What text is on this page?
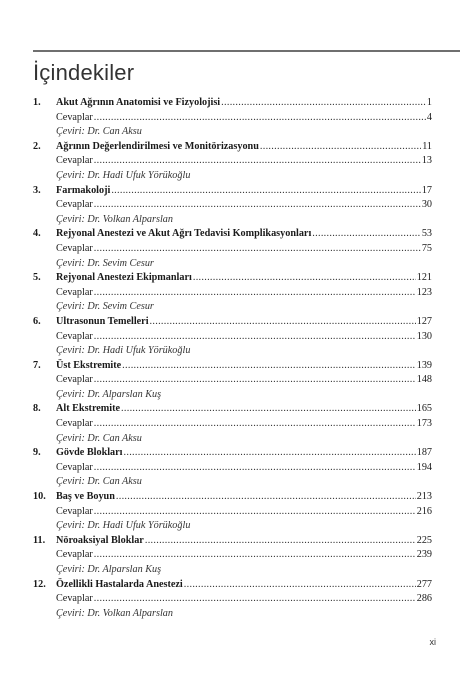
İçindekiler
1.	Akut Ağrının Anatomisi ve Fizyolojisi .....	1
Cevaplar .....	4
Çeviri: Dr. Can Aksu
2.	Ağrının Değerlendirilmesi ve Monitörizasyonu .....	11
Cevaplar .....	13
Çeviri: Dr. Hadi Ufuk Yörükoğlu
3.	Farmakoloji .....	17
Cevaplar .....	30
Çeviri: Dr. Volkan Alparslan
4.	Rejyonal Anestezi ve Akut Ağrı Tedavisi Komplikasyonları .....	53
Cevaplar .....	75
Çeviri: Dr. Sevim Cesur
5.	Rejyonal Anestezi Ekipmanları .....	121
Cevaplar .....	123
Çeviri: Dr. Sevim Cesur
6.	Ultrasonun Temelleri .....	127
Cevaplar .....	130
Çeviri: Dr. Hadi Ufuk Yörükoğlu
7.	Üst Ekstremite .....	139
Cevaplar .....	148
Çeviri: Dr. Alparslan Kuş
8.	Alt Ekstremite .....	165
Cevaplar .....	173
Çeviri: Dr. Can Aksu
9.	Gövde Blokları .....	187
Cevaplar .....	194
Çeviri: Dr. Can Aksu
10.	Baş ve Boyun .....	213
Cevaplar .....	216
Çeviri: Dr. Hadi Ufuk Yörükoğlu
11.	Nöroaksiyal Bloklar .....	225
Cevaplar .....	239
Çeviri: Dr. Alparslan Kuş
12.	Özellikli Hastalarda Anestezi .....	277
Cevaplar .....	286
Çeviri: Dr. Volkan Alparslan
xi
